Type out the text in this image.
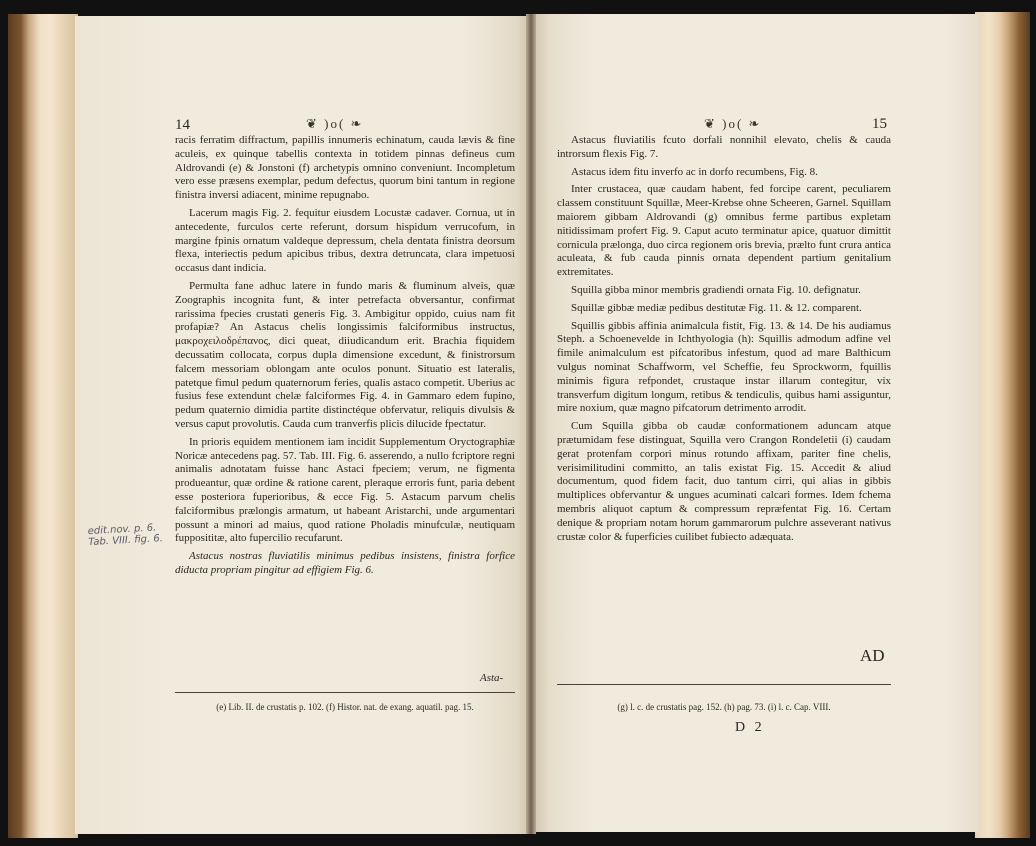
14	❦ )o( ❧

racis ferratim diffractum, papillis innumeris echinatum, cauda lævis & fine aculeis, ex quinque tabellis contexta in totidem pinnas defineus cum Aldrovandi (e) & Jonstoni (f) archetypis omnino conveniunt. Incompletum vero esse præsens exemplar, pedum defectus, quorum bini tantum in regione finistra inversi adiacent, minime repugnabo.

Lacerum magis Fig. 2. fequitur eiusdem Locustæ cadaver. Cornua, ut in antecedente, furculos certe referunt, dorsum hispidum verrucofum, in margine fpinis ornatum valdeque depressum, chela dentata finistra deorsum flexa, interiectis pedum apicibus tribus, dextra detruncata, clara impetuosi occasus dant indicia.

Permulta fane adhuc latere in fundo maris & fluminum alveis, quæ Zoographis incognita funt, & inter petrefacta obversantur, confirmat rarissima fpecies crustati generis Fig. 3. Ambigitur oppido, cuius nam fit profapiæ? An Astacus chelis longissimis falciformibus instructus, μακροχειλοδρέπανος, dici queat, diiudicandum erit. Brachia fiquidem decussatim collocata, corpus dupla dimensione excedunt, & finistrorsum falcem messoriam oblongam ante oculos ponunt. Situatio est lateralis, patetque fimul pedum quaternorum feries, qualis astaco competit. Uberius ac fusius fese extendunt chelæ falciformes Fig. 4. in Gammaro edem fupino, pedum quaternio dimidia partite distinctéque obfervatur, reliquis divulsis & versus caput provolutis. Cauda cum tranverfis plicis dilucide fpectatur.

In prioris equidem mentionem iam incidit Supplementum Oryctographiæ Noricæ antecedens pag. 57. Tab. III. Fig. 6. asserendo, a nullo fcriptore regni animalis adnotatam fuisse hanc Astaci fpeciem; verum, ne figmenta produeantur, quæ ordine & ratione carent, pleraque erroris funt, paria debent esse posteriora fuperioribus, & ecce Fig. 5. Astacum parvum chelis falciformibus prælongis armatum, ut habeant Aristarchi, unde argumentari possunt a minori ad maius, quod ratione Pholadis minufculæ, neutiquam fupposititæ, alto fupercilio recufarunt.

Astacus nostras fluviatilis minimus pedibus insistens, finistra forfice diducta propriam pingitur ad effigiem Fig. 6.

Asta-
(e) Lib. II. de crustatis p. 102. (f) Histor. nat. de exang. aquatil. pag. 15.
edit.nov. p. 6. Tab. VIII. fig. 6.
❦ )o( ❧	15

Astacus fluviatilis fcuto dorfali nonnihil elevato, chelis & cauda introrsum flexis Fig. 7.

Astacus idem fitu inverfo ac in dorfo recumbens, Fig. 8.

Inter crustacea, quæ caudam habent, fed forcipe carent, peculiarem classem constituunt Squillæ, Meer-Krebse ohne Scheeren, Garnel. Squillam maiorem gibbam Aldrovandi (g) omnibus ferme partibus expletam nitidissimam profert Fig. 9. Caput acuto terminatur apice, quatuor dimittit cornicula prælonga, duo circa regionem oris brevia, prælto funt crura antica aculeata, & fub cauda pinnis ornata dependent partium genitalium extremitates.

Squilla gibba minor membris gradiendi ornata Fig. 10. defignatur.

Squillæ gibbæ mediæ pedibus destitutæ Fig. 11. & 12. comparent.

Squillis gibbis affinia animalcula fistit, Fig. 13. & 14. De his audiamus Steph. a Schoenevelde in Ichthyologia (h): Squillis admodum adfine vel fimile animalculum est pifcatoribus infestum, quod ad mare Balthicum vulgus nominat Schaffworm, vel Scheffie, feu Sprockworm, fquillis minimis figura refpondet, crustaque instar illarum contegitur, vix transverfum digitum longum, retibus & tendiculis, quibus hami assiguntur, mire noxium, quæ magno pifcatorum detrimento arrodit.

Cum Squilla gibba ob caudæ conformationem aduncam atque prætumidam fese distinguat, Squilla vero Crangon Rondeletii (i) caudam gerat protenfam corpori minus rotundo affixam, pariter fine chelis, verisimilitudini committo, an talis existat Fig. 15. Accedit & aliud documentum, quod fidem facit, duo tantum cirri, qui alias in gibbis multiplices obfervantur & ungues acuminati calcari formes. Idem fchema membris aliquot captum & compressum repræfentat Fig. 16. Certam denique & propriam notam horum gammarorum pulchre asseverant nativus crustæ color & fuperficies cuilibet fubiecto adæquata.

AD
(g) l. c. de crustatis pag. 152. (h) pag. 73. (i) l. c. Cap. VIII.
D 2
